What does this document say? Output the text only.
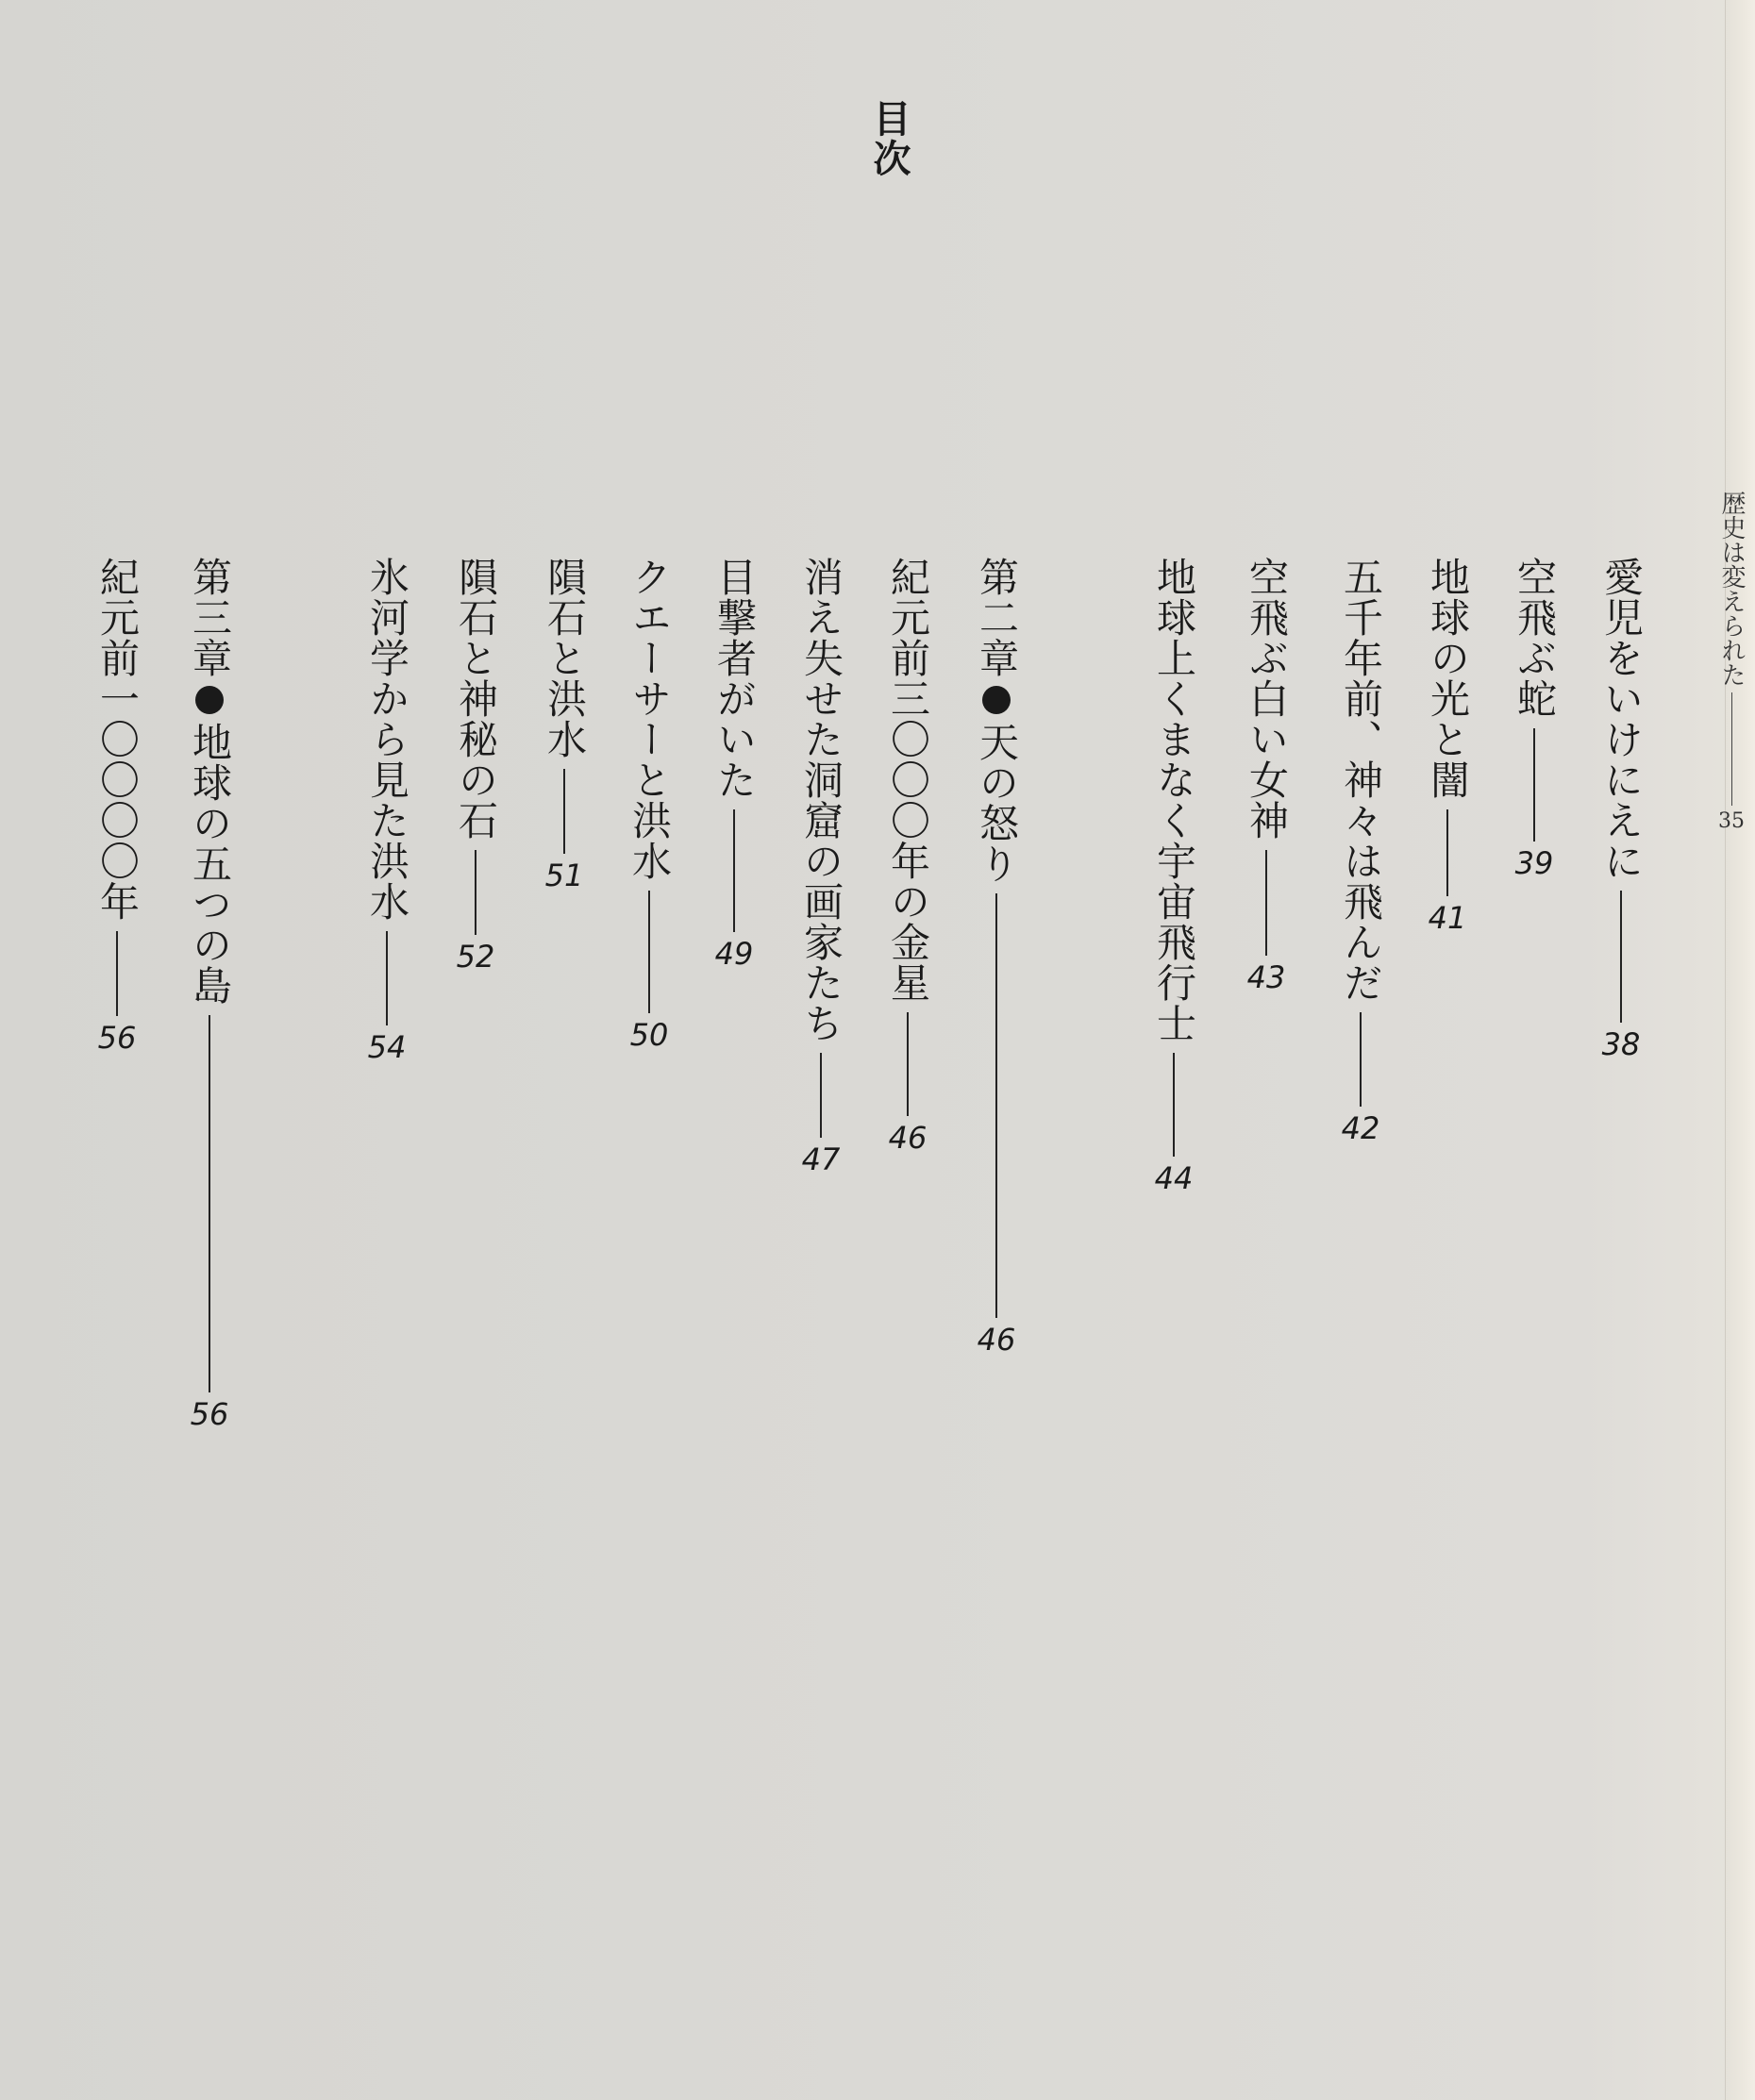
目次
歴史は変えられた
35
愛児をいけにえに
38
空飛ぶ蛇
39
地球の光と闇
41
五千年前、神々は飛んだ
42
空飛ぶ白い女神
43
地球上くまなく宇宙飛行士
44
第二章
天の怒り
46
紀元前三〇〇〇年の金星
46
消え失せた洞窟の画家たち
47
目撃者がいた
49
クエーサーと洪水
50
隕石と洪水
51
隕石と神秘の石
52
氷河学から見た洪水
54
第三章
地球の五つの島
56
紀元前一〇〇〇〇年
56
